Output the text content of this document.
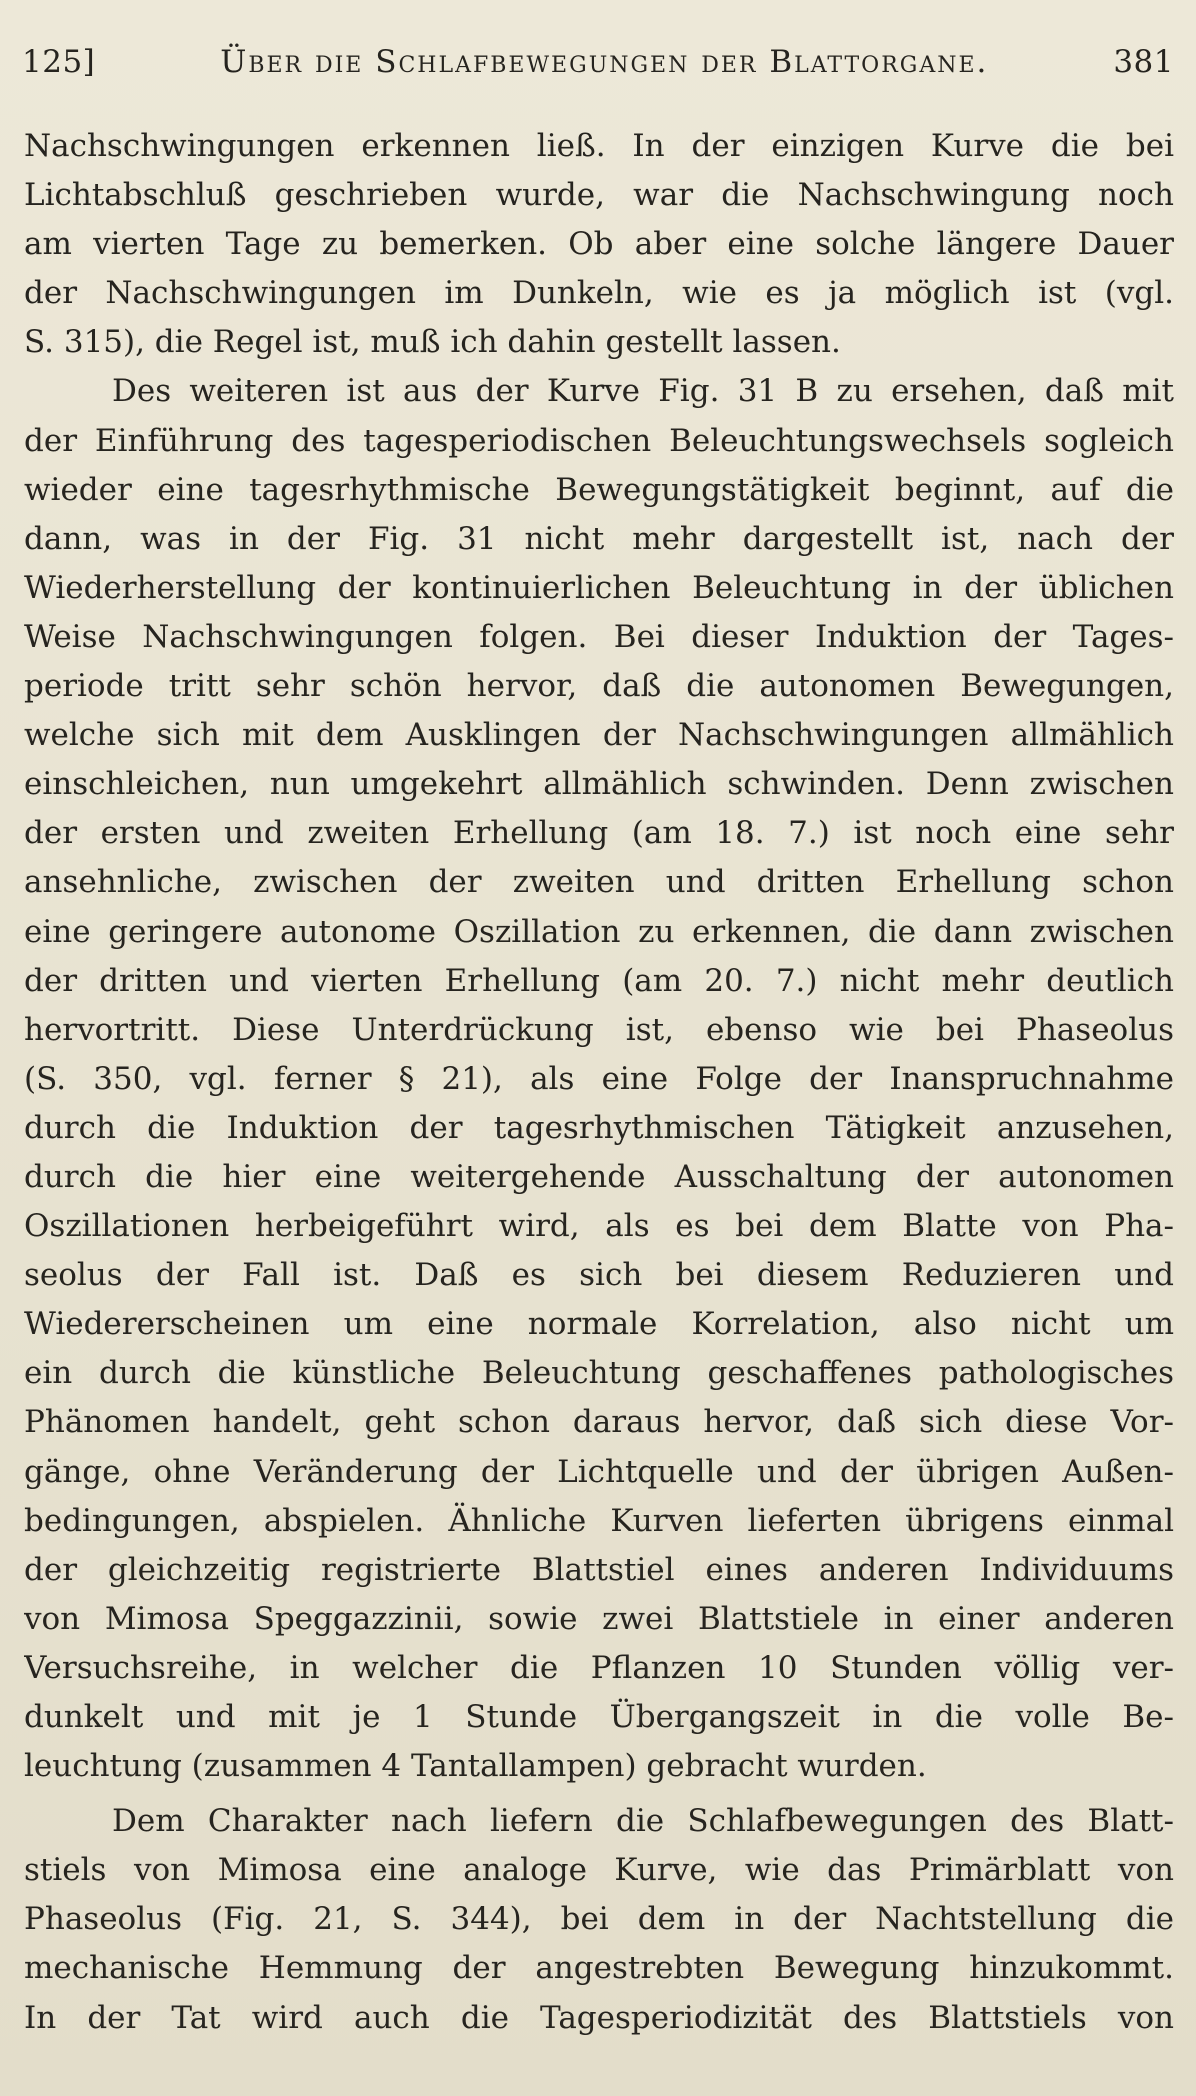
125]	Über die Schlafbewegungen der Blattorgane.	381
Nachschwingungen erkennen ließ. In der einzigen Kurve die bei
Lichtabschluß geschrieben wurde, war die Nachschwingung noch
am vierten Tage zu bemerken. Ob aber eine solche längere Dauer
der Nachschwingungen im Dunkeln, wie es ja möglich ist (vgl.
S. 315), die Regel ist, muß ich dahin gestellt lassen.
Des weiteren ist aus der Kurve Fig. 31 B zu ersehen, daß mit
der Einführung des tagesperiodischen Beleuchtungswechsels sogleich
wieder eine tagesrhythmische Bewegungstätigkeit beginnt, auf die
dann, was in der Fig. 31 nicht mehr dargestellt ist, nach der
Wiederherstellung der kontinuierlichen Beleuchtung in der üblichen
Weise Nachschwingungen folgen. Bei dieser Induktion der Tages-
periode tritt sehr schön hervor, daß die autonomen Bewegungen,
welche sich mit dem Ausklingen der Nachschwingungen allmählich
einschleichen, nun umgekehrt allmählich schwinden. Denn zwischen
der ersten und zweiten Erhellung (am 18. 7.) ist noch eine sehr
ansehnliche, zwischen der zweiten und dritten Erhellung schon
eine geringere autonome Oszillation zu erkennen, die dann zwischen
der dritten und vierten Erhellung (am 20. 7.) nicht mehr deutlich
hervortritt. Diese Unterdrückung ist, ebenso wie bei Phaseolus
(S. 350, vgl. ferner § 21), als eine Folge der Inanspruchnahme
durch die Induktion der tagesrhythmischen Tätigkeit anzusehen,
durch die hier eine weitergehende Ausschaltung der autonomen
Oszillationen herbeigeführt wird, als es bei dem Blatte von Pha-
seolus der Fall ist. Daß es sich bei diesem Reduzieren und
Wiedererscheinen um eine normale Korrelation, also nicht um
ein durch die künstliche Beleuchtung geschaffenes pathologisches
Phänomen handelt, geht schon daraus hervor, daß sich diese Vor-
gänge, ohne Veränderung der Lichtquelle und der übrigen Außen-
bedingungen, abspielen. Ähnliche Kurven lieferten übrigens einmal
der gleichzeitig registrierte Blattstiel eines anderen Individuums
von Mimosa Speggazzinii, sowie zwei Blattstiele in einer anderen
Versuchsreihe, in welcher die Pflanzen 10 Stunden völlig ver-
dunkelt und mit je 1 Stunde Übergangszeit in die volle Be-
leuchtung (zusammen 4 Tantallampen) gebracht wurden.
Dem Charakter nach liefern die Schlafbewegungen des Blatt-
stiels von Mimosa eine analoge Kurve, wie das Primärblatt von
Phaseolus (Fig. 21, S. 344), bei dem in der Nachtstellung die
mechanische Hemmung der angestrebten Bewegung hinzukommt.
In der Tat wird auch die Tagesperiodizität des Blattstiels von
